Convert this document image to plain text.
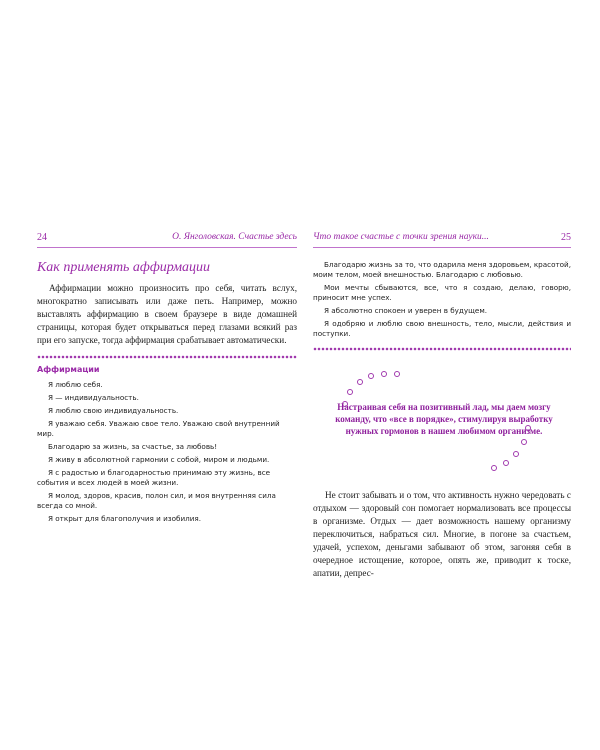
24	О. Янголовская. Счастье здесь
Как применять аффирмации

Аффирмации можно произносить про себя, читать вслух, многократно записывать или даже петь. Например, можно выставлять аффирмацию в своем браузере в виде домашней страницы, которая будет открываться перед глазами всякий раз при его запуске, тогда аффирмация срабатывает автоматически.

Аффирмации

Я люблю себя.

Я — индивидуальность.

Я люблю свою индивидуальность.

Я уважаю себя. Уважаю свое тело. Уважаю свой внутренний мир.

Благодарю за жизнь, за счастье, за любовь!

Я живу в абсолютной гармонии с собой, миром и людьми.

Я с радостью и благодарностью принимаю эту жизнь, все события и всех людей в моей жизни.

Я молод, здоров, красив, полон сил, и моя внутренняя сила всегда со мной.

Я открыт для благополучия и изобилия.

Что такое счастье с точки зрения науки...	25

Благодарю жизнь за то, что одарила меня здоровьем, красотой, моим телом, моей внешностью. Благодарю с любовью.

Мои мечты сбываются, все, что я создаю, делаю, говорю, приносит мне успех.

Я абсолютно спокоен и уверен в будущем.

Я одобряю и люблю свою внешность, тело, мысли, действия и поступки.

Настраивая себя на позитивный лад, мы даем мозгу команду, что «все в порядке», стимулируя выработку нужных гормонов в нашем любимом организме.

Не стоит забывать и о том, что активность нужно чередовать с отдыхом — здоровый сон помогает нормализовать все процессы в организме. Отдых — дает возможность нашему организму переключиться, набраться сил. Многие, в погоне за счастьем, удачей, успехом, деньгами забывают об этом, загоняя себя в очередное истощение, которое, опять же, приводит к тоске, апатии, депрес-
